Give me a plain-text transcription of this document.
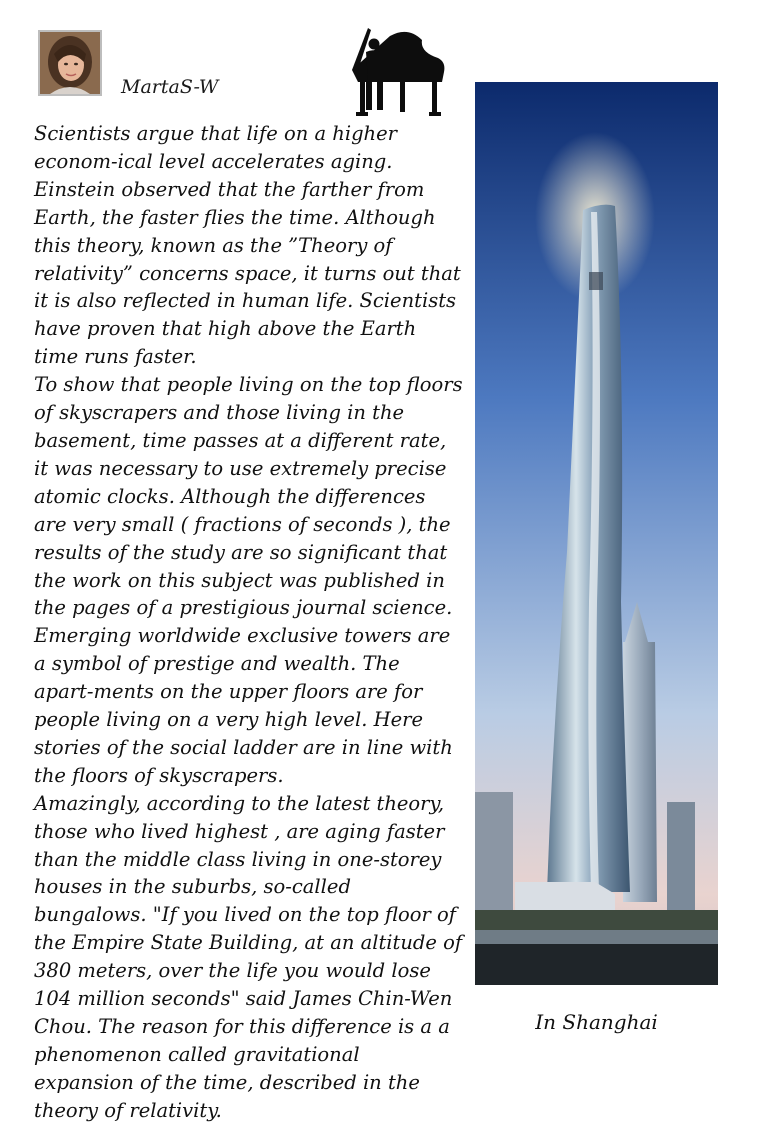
MartaS-W

Scientists argue that life on a higher econom-ical level accelerates aging. Einstein observed that the farther from Earth, the faster flies the time. Although this theory, known as the ”Theory of relativity” concerns space, it turns out that it is also reflected in human life. Scientists have proven that high above the Earth time runs faster.

To show that people living on the top floors of skyscrapers and those living in the basement, time passes at a different rate, it was necessary to use extremely precise atomic clocks. Although the differences are very small ( fractions of seconds ), the results of the study are so significant that the work on this subject was published in the pages of a prestigious journal science.

Emerging worldwide exclusive towers are a symbol of prestige and wealth. The apart-ments on the upper floors are for people living on a very high level. Here stories of the social ladder are in line with the floors of skyscrapers.

Amazingly, according to the latest theory, those who lived highest , are aging faster than the middle class living in one-storey houses in the suburbs, so-called bungalows. "If you lived on the top floor of the Empire State Building, at an altitude of 380 meters, over the life you would lose 104 million seconds" said James Chin-Wen Chou. The reason for this difference is a a phenomenon called gravitational expansion of the time, described in the theory of relativity.

In Shanghai
